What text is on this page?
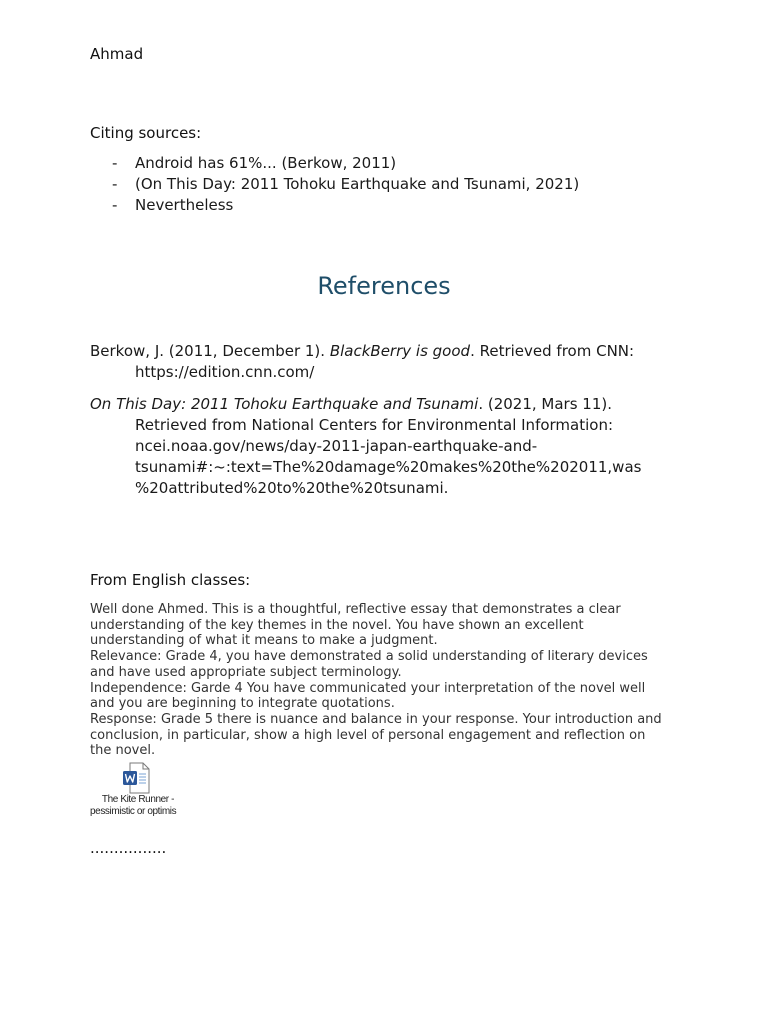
Ahmad

Citing sources:

- Android has 61%... (Berkow, 2011)
- (On This Day: 2011 Tohoku Earthquake and Tsunami, 2021)
- Nevertheless
References
Berkow, J. (2011, December 1). BlackBerry is good. Retrieved from CNN:
https://edition.cnn.com/
On This Day: 2011 Tohoku Earthquake and Tsunami. (2021, Mars 11).
Retrieved from National Centers for Environmental Information:
ncei.noaa.gov/news/day-2011-japan-earthquake-and-
tsunami#:~:text=The%20damage%20makes%20the%202011,was
%20attributed%20to%20the%20tsunami.

From English classes:

Well done Ahmed. This is a thoughtful, reflective essay that demonstrates a clear
understanding of the key themes in the novel. You have shown an excellent
understanding of what it means to make a judgment.
Relevance: Grade 4, you have demonstrated a solid understanding of literary devices
and have used appropriate subject terminology.
Independence: Garde 4 You have communicated your interpretation of the novel well
and you are beginning to integrate quotations.
Response: Grade 5 there is nuance and balance in your response. Your introduction and
conclusion, in particular, show a high level of personal engagement and reflection on
the novel.
The Kite Runner -
pessimistic or optimis

................
